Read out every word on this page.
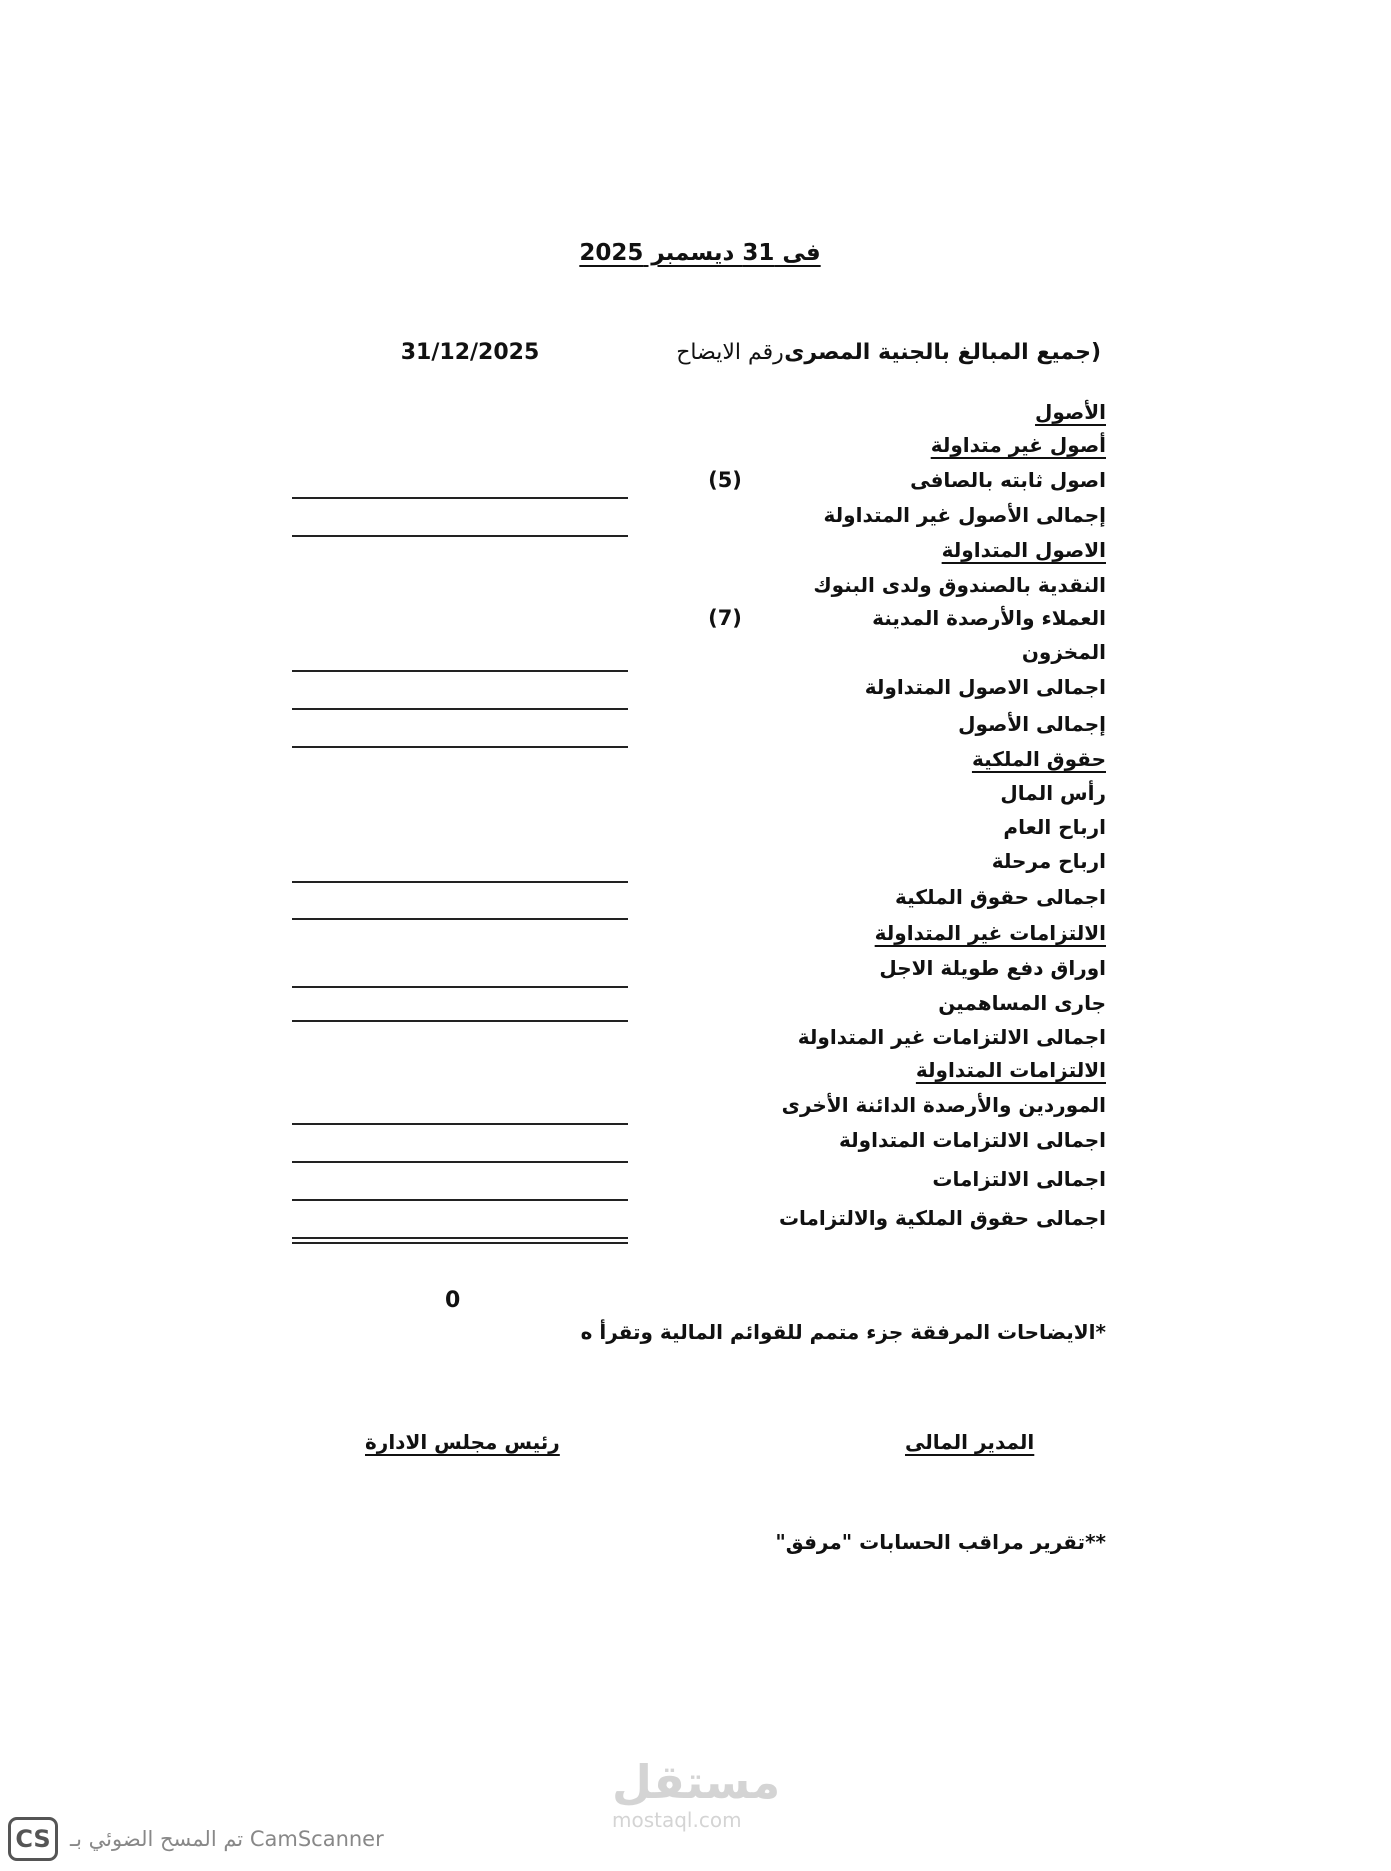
فى 31 ديسمبر 2025
(جميع المبالغ بالجنية المصرى
رقم الايضاح
31/12/2025
الأصول
أصول غير متداولة
اصول ثابته بالصافى
(5)
إجمالى الأصول غير المتداولة
الاصول المتداولة
النقدية بالصندوق ولدى البنوك
العملاء والأرصدة المدينة
(7)
المخزون
اجمالى الاصول المتداولة
إجمالى الأصول
حقوق الملكية
رأس المال
ارباح العام
ارباح مرحلة
اجمالى حقوق الملكية
الالتزامات غير المتداولة
اوراق دفع طويلة الاجل
جارى المساهمين
اجمالى الالتزامات غير المتداولة
الالتزامات المتداولة
الموردين والأرصدة الدائنة الأخرى
اجمالى الالتزامات المتداولة
اجمالى الالتزامات
اجمالى حقوق الملكية والالتزامات
0
*الايضاحات المرفقة جزء متمم للقوائم المالية وتقرأ ه
المدير المالى
رئيس مجلس الادارة
**تقرير مراقب الحسابات "مرفق"
مستقل
mostaql.com
CS تم المسح الضوئي بـ CamScanner
